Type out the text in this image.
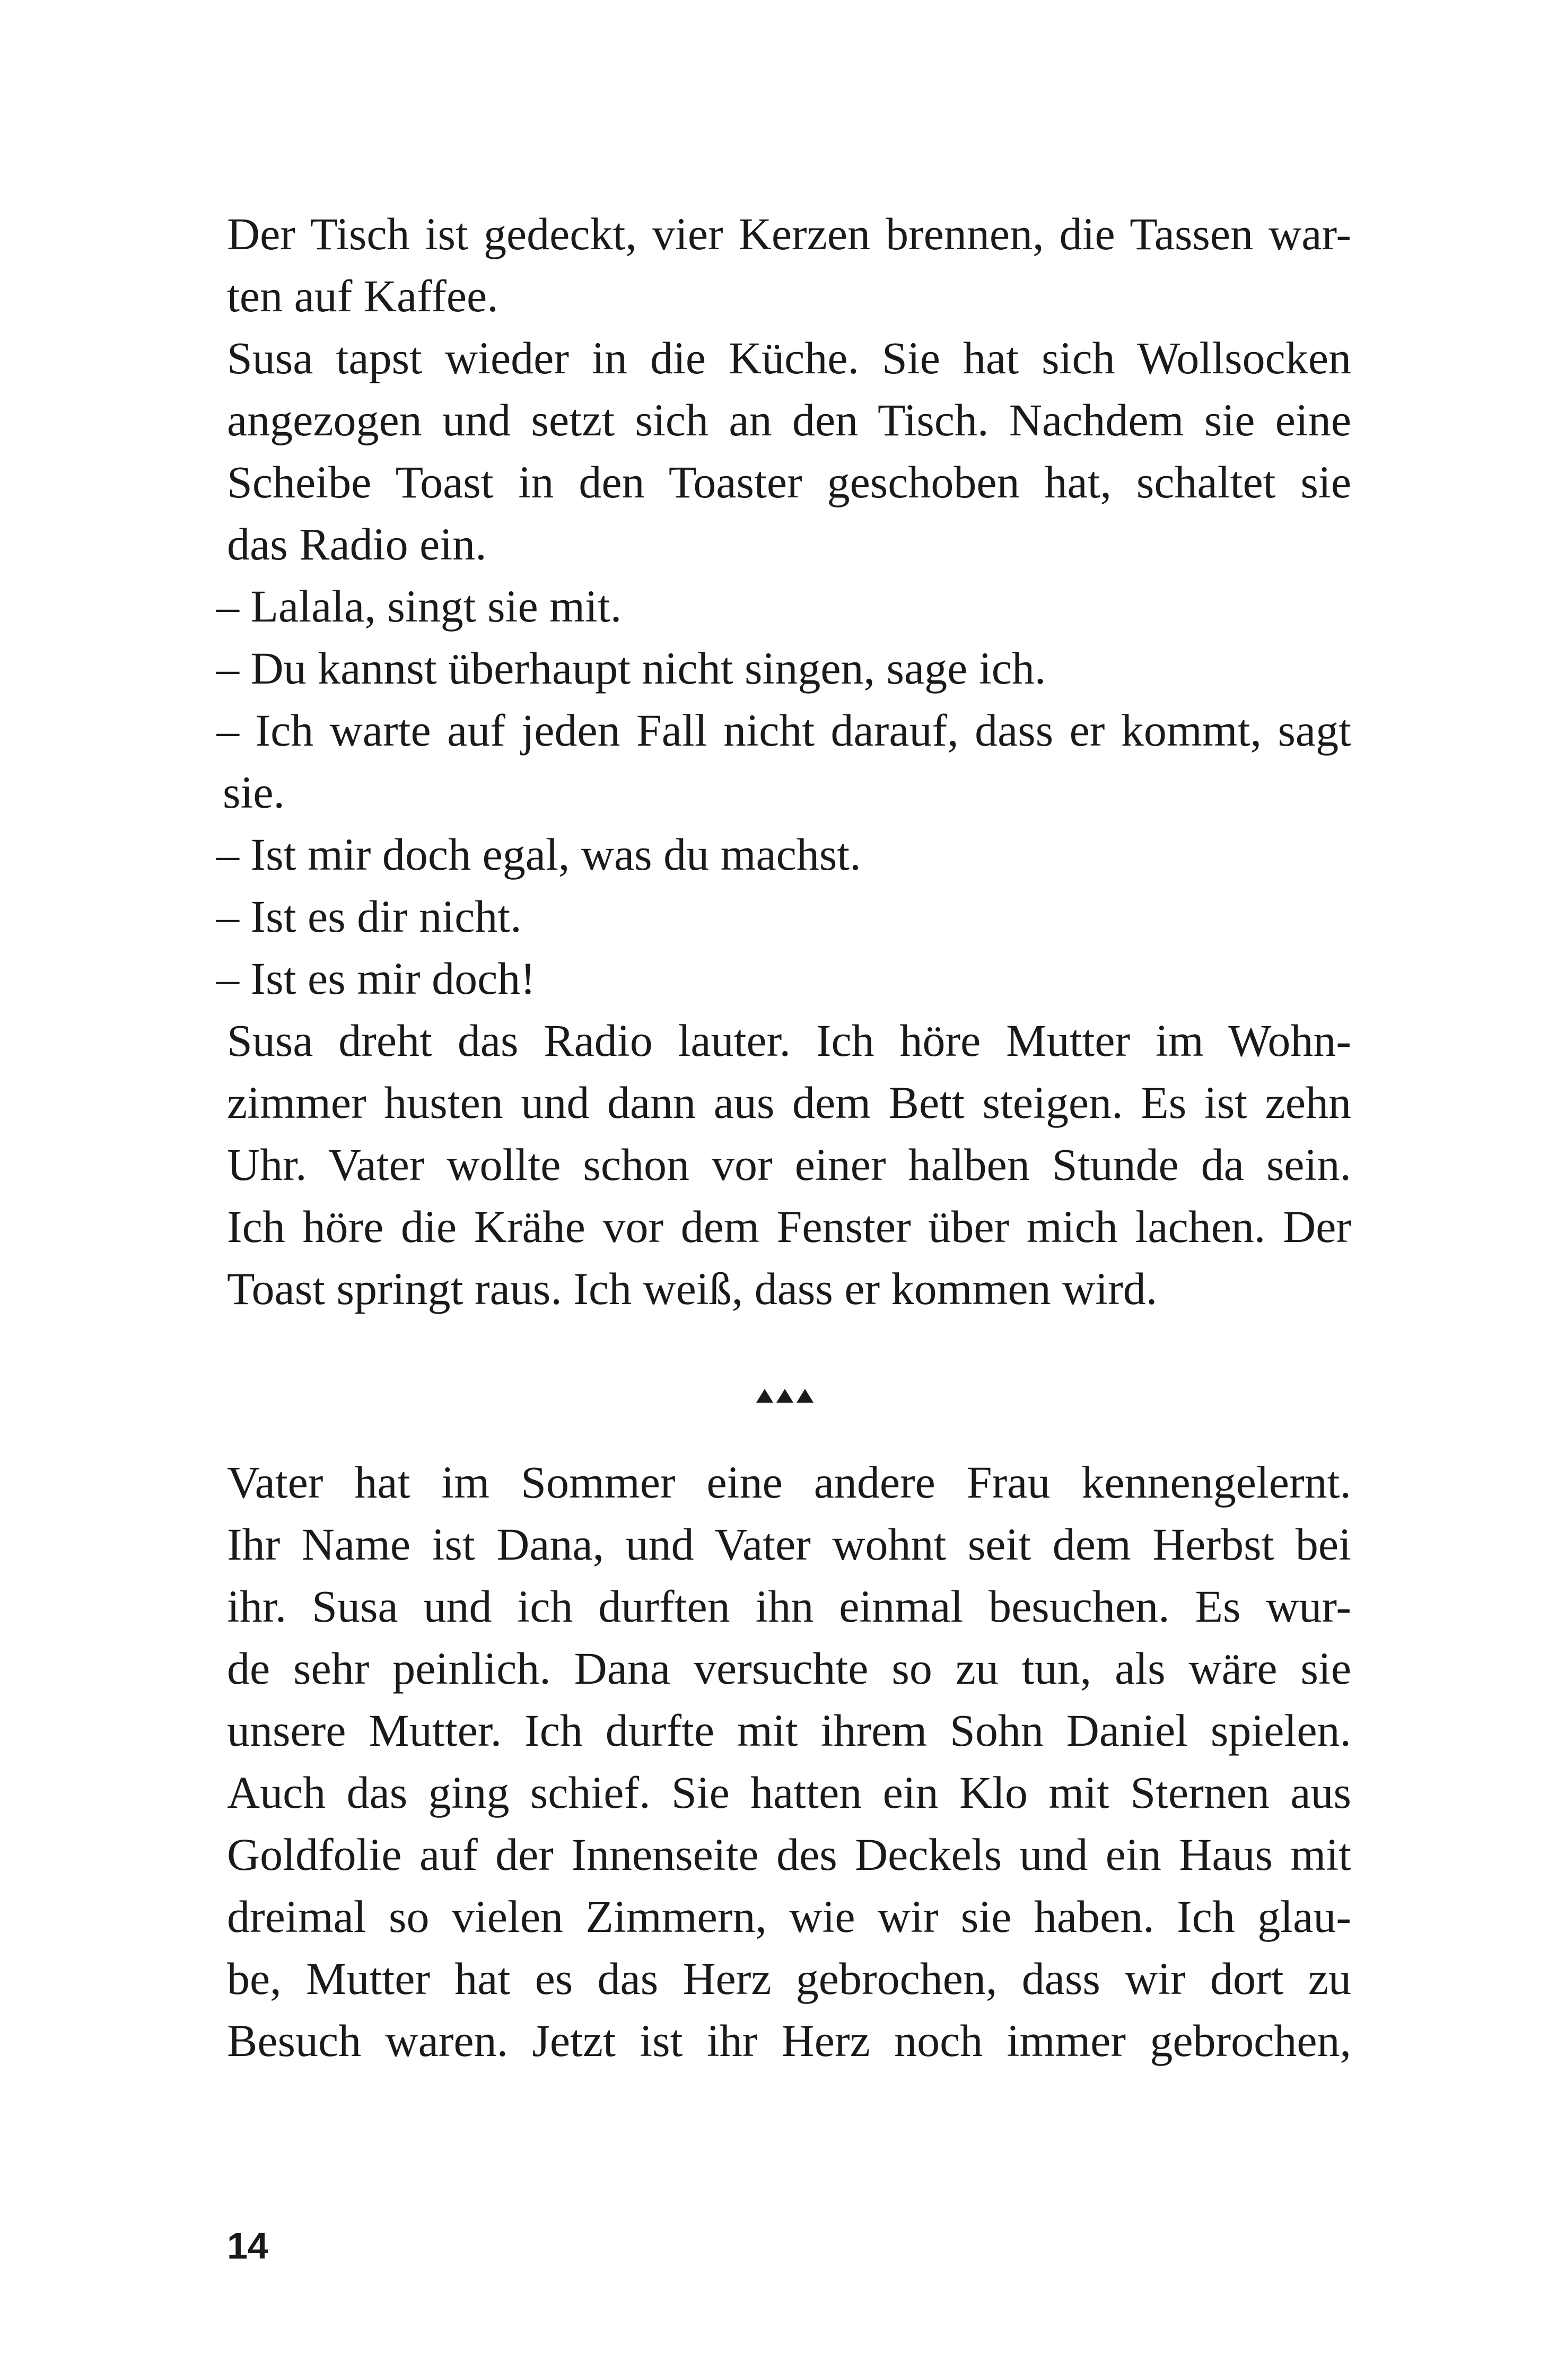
Der Tisch ist gedeckt, vier Kerzen brennen, die Tassen war-
ten auf Kaffee.
Susa tapst wieder in die Küche. Sie hat sich Wollsocken
angezogen und setzt sich an den Tisch. Nachdem sie eine
Scheibe Toast in den Toaster geschoben hat, schaltet sie
das Radio ein.
– Lalala, singt sie mit.
– Du kannst überhaupt nicht singen, sage ich.
– Ich warte auf jeden Fall nicht darauf, dass er kommt, sagt
sie.
– Ist mir doch egal, was du machst.
– Ist es dir nicht.
– Ist es mir doch!
Susa dreht das Radio lauter. Ich höre Mutter im Wohn-
zimmer husten und dann aus dem Bett steigen. Es ist zehn
Uhr. Vater wollte schon vor einer halben Stunde da sein.
Ich höre die Krähe vor dem Fenster über mich lachen. Der
Toast springt raus. Ich weiß, dass er kommen wird.
Vater hat im Sommer eine andere Frau kennengelernt.
Ihr Name ist Dana, und Vater wohnt seit dem Herbst bei
ihr. Susa und ich durften ihn einmal besuchen. Es wur-
de sehr peinlich. Dana versuchte so zu tun, als wäre sie
unsere Mutter. Ich durfte mit ihrem Sohn Daniel spielen.
Auch das ging schief. Sie hatten ein Klo mit Sternen aus
Goldfolie auf der Innenseite des Deckels und ein Haus mit
dreimal so vielen Zimmern, wie wir sie haben. Ich glau-
be, Mutter hat es das Herz gebrochen, dass wir dort zu
Besuch waren. Jetzt ist ihr Herz noch immer gebrochen,
14
